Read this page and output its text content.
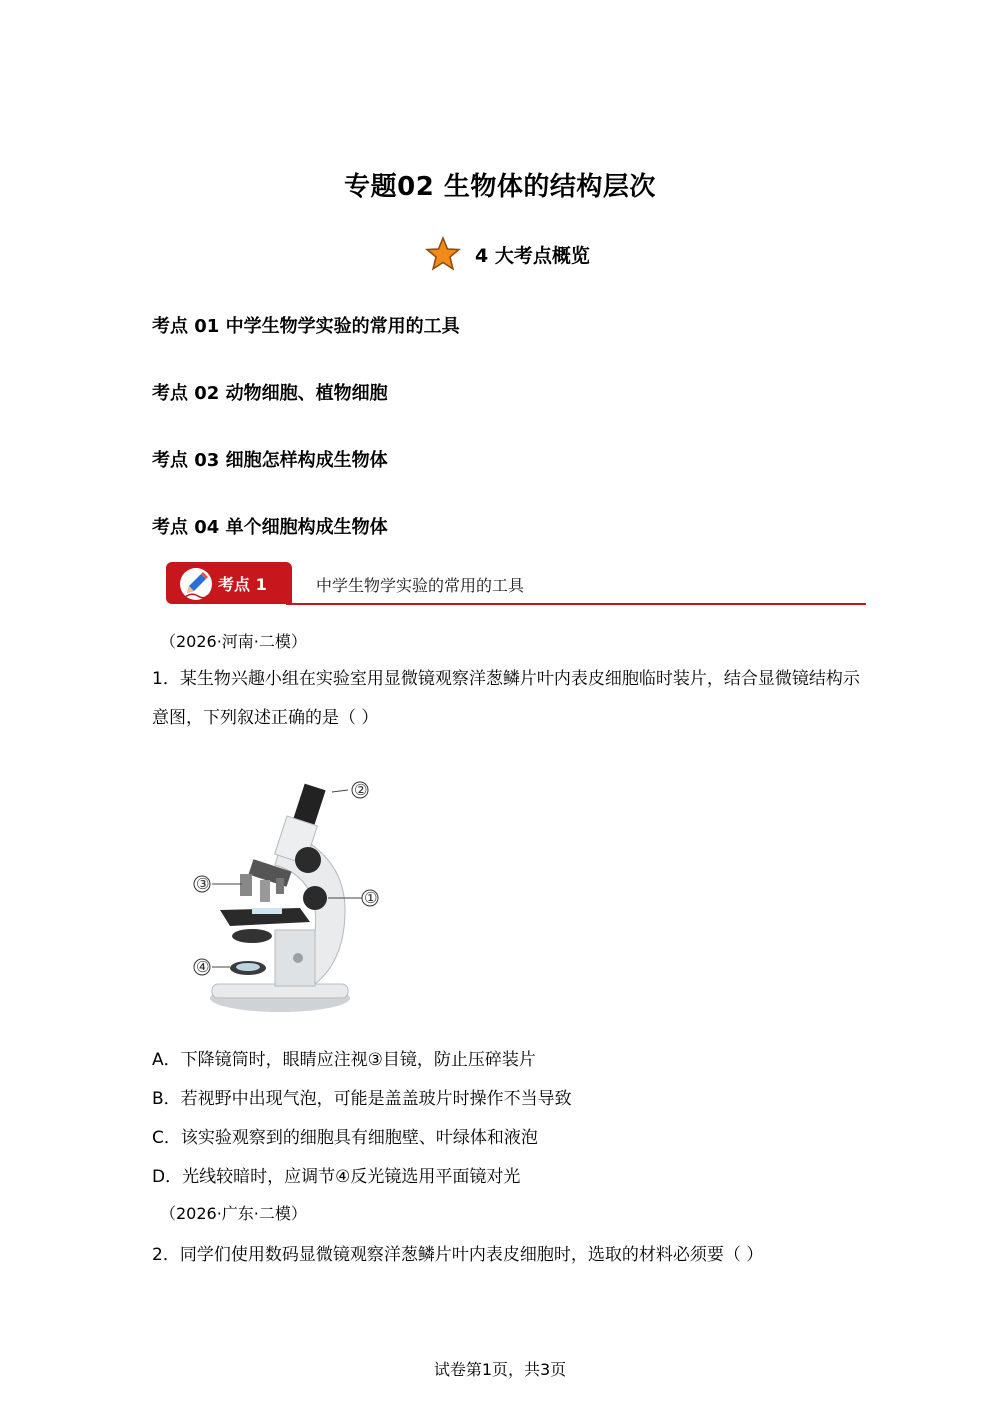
专题02 生物体的结构层次
4 大考点概览
考点 01 中学生物学实验的常用的工具
考点 02 动物细胞、植物细胞
考点 03 细胞怎样构成生物体
考点 04 单个细胞构成生物体
考点 1	中学生物学实验的常用的工具
（2026·河南·二模）
1．某生物兴趣小组在实验室用显微镜观察洋葱鳞片叶内表皮细胞临时装片，结合显微镜结构示意图，下列叙述正确的是（ ）
②
①
③
④
A．下降镜筒时，眼睛应注视③目镜，防止压碎装片
B．若视野中出现气泡，可能是盖盖玻片时操作不当导致
C．该实验观察到的细胞具有细胞壁、叶绿体和液泡
D．光线较暗时，应调节④反光镜选用平面镜对光
（2026·广东·二模）
2．同学们使用数码显微镜观察洋葱鳞片叶内表皮细胞时，选取的材料必须要（ ）
试卷第1页，共3页
